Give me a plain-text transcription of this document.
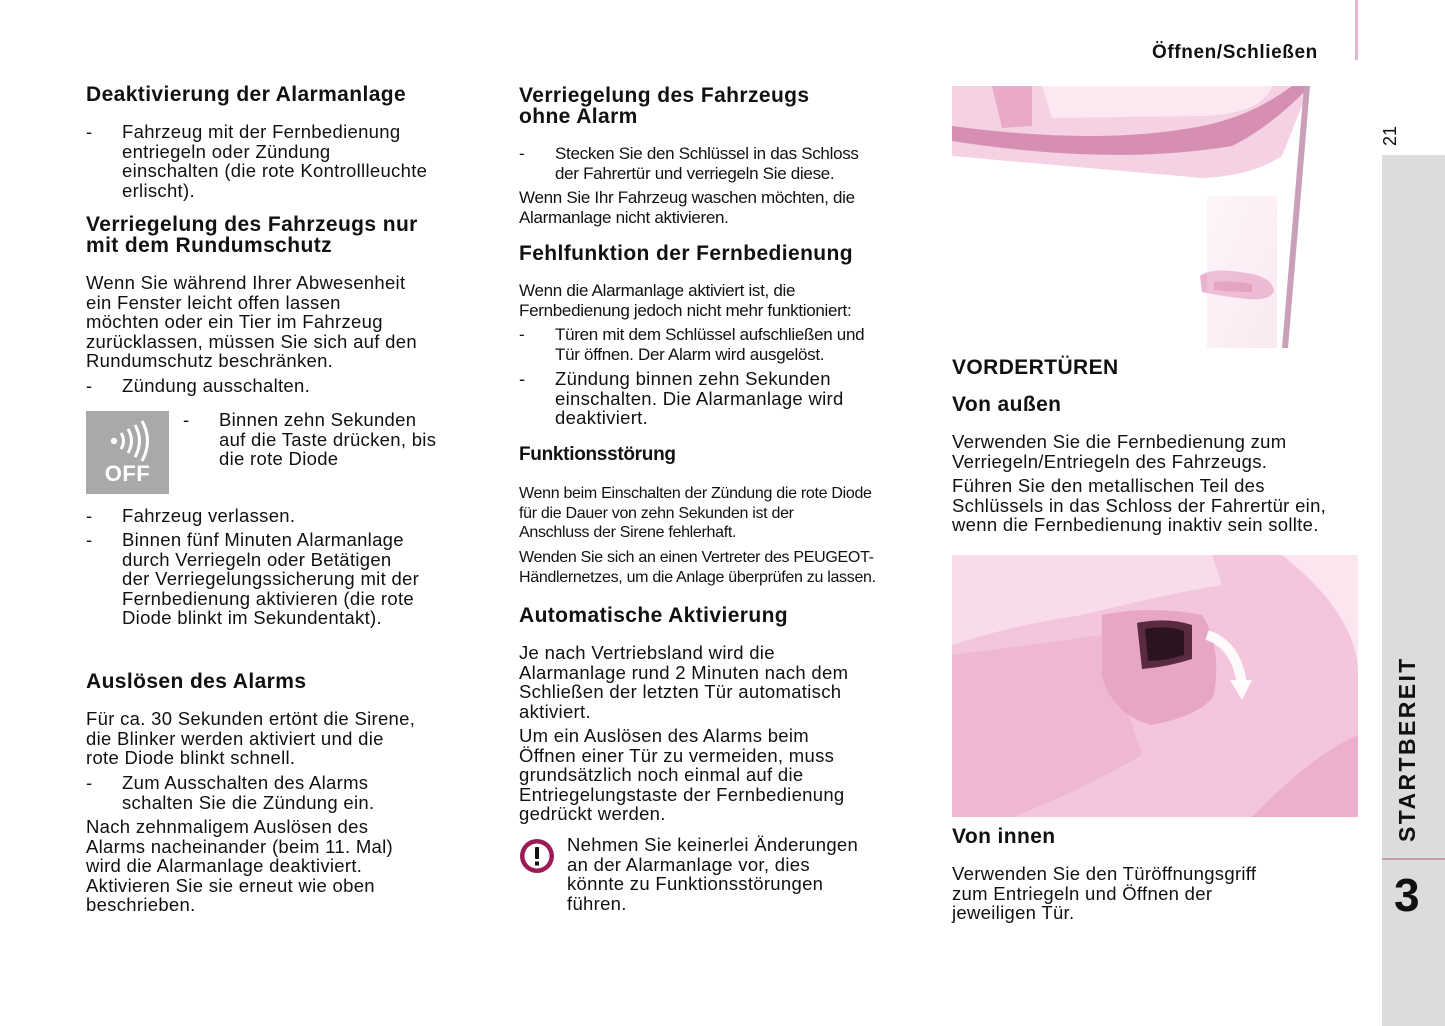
Öffnen/Schließen
21
STARTBEREIT
3
Deaktivierung der Alarmanlage
- Fahrzeug mit der Fernbedienung
entriegeln oder Zündung
einschalten (die rote Kontrollleuchte
erlischt).
Verriegelung des Fahrzeugs nur
mit dem Rundumschutz
Wenn Sie während Ihrer Abwesenheit
ein Fenster leicht offen lassen
möchten oder ein Tier im Fahrzeug
zurücklassen, müssen Sie sich auf den
Rundumschutz beschränken.
- Zündung ausschalten.
OFF
- Binnen zehn Sekunden
auf die Taste drücken, bis
die rote Diode
- Fahrzeug verlassen.
- Binnen fünf Minuten Alarmanlage
durch Verriegeln oder Betätigen
der Verriegelungssicherung mit der
Fernbedienung aktivieren (die rote
Diode blinkt im Sekundentakt).
Auslösen des Alarms
Für ca. 30 Sekunden ertönt die Sirene,
die Blinker werden aktiviert und die
rote Diode blinkt schnell.
- Zum Ausschalten des Alarms
schalten Sie die Zündung ein.
Nach zehnmaligem Auslösen des
Alarms nacheinander (beim 11. Mal)
wird die Alarmanlage deaktiviert.
Aktivieren Sie sie erneut wie oben
beschrieben.
Verriegelung des Fahrzeugs
ohne Alarm
- Stecken Sie den Schlüssel in das Schloss
der Fahrertür und verriegeln Sie diese.
Wenn Sie Ihr Fahrzeug waschen möchten, die
Alarmanlage nicht aktivieren.
Fehlfunktion der Fernbedienung
Wenn die Alarmanlage aktiviert ist, die
Fernbedienung jedoch nicht mehr funktioniert:
- Türen mit dem Schlüssel aufschließen und
Tür öffnen. Der Alarm wird ausgelöst.
- Zündung binnen zehn Sekunden
einschalten. Die Alarmanlage wird
deaktiviert.
Funktionsstörung
Wenn beim Einschalten der Zündung die rote Diode
für die Dauer von zehn Sekunden ist der
Anschluss der Sirene fehlerhaft.
Wenden Sie sich an einen Vertreter des PEUGEOT-
Händlernetzes, um die Anlage überprüfen zu lassen.
Automatische Aktivierung
Je nach Vertriebsland wird die
Alarmanlage rund 2 Minuten nach dem
Schließen der letzten Tür automatisch
aktiviert.
Um ein Auslösen des Alarms beim
Öffnen einer Tür zu vermeiden, muss
grundsätzlich noch einmal auf die
Entriegelungstaste der Fernbedienung
gedrückt werden.
Nehmen Sie keinerlei Änderungen
an der Alarmanlage vor, dies
könnte zu Funktionsstörungen
führen.
VORDERTÜREN
Von außen
Verwenden Sie die Fernbedienung zum
Verriegeln/Entriegeln des Fahrzeugs.
Führen Sie den metallischen Teil des
Schlüssels in das Schloss der Fahrertür ein,
wenn die Fernbedienung inaktiv sein sollte.
Von innen
Verwenden Sie den Türöffnungsgriff
zum Entriegeln und Öffnen der
jeweiligen Tür.
